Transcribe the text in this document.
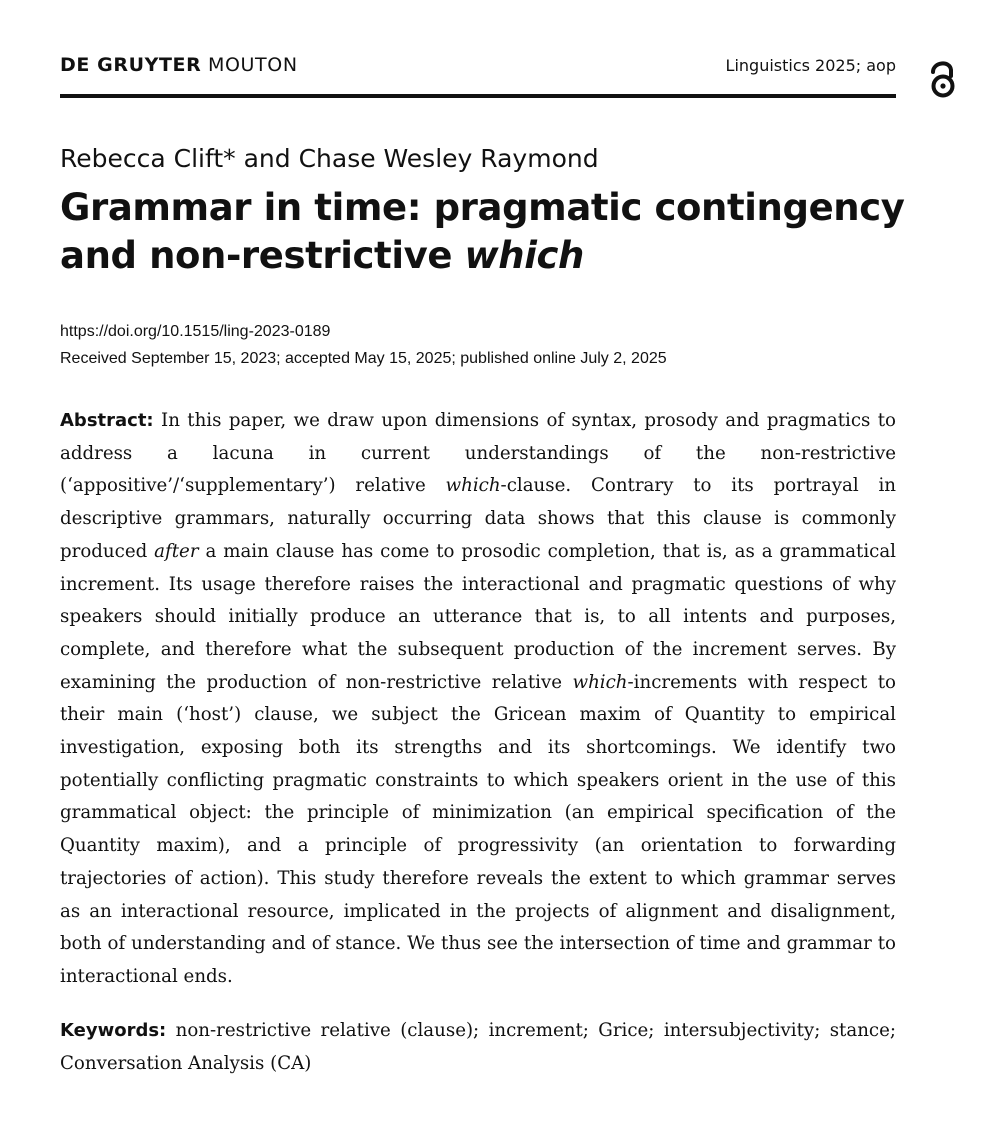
DE GRUYTER MOUTON	Linguistics 2025; aop
Rebecca Clift* and Chase Wesley Raymond
Grammar in time: pragmatic contingency
and non-restrictive which
https://doi.org/10.1515/ling-2023-0189
Received September 15, 2023; accepted May 15, 2025; published online July 2, 2025

Abstract: In this paper, we draw upon dimensions of syntax, prosody and pragmatics to address a lacuna in current understandings of the non-restrictive (‘appositive’/‘supplementary’) relative which-clause. Contrary to its portrayal in descriptive grammars, naturally occurring data shows that this clause is commonly produced after a main clause has come to prosodic completion, that is, as a grammatical increment. Its usage therefore raises the interactional and pragmatic questions of why speakers should initially produce an utterance that is, to all intents and purposes, complete, and therefore what the subsequent production of the increment serves. By examining the production of non-restrictive relative which-increments with respect to their main (‘host’) clause, we subject the Gricean maxim of Quantity to empirical investigation, exposing both its strengths and its shortcomings. We identify two potentially conflicting pragmatic constraints to which speakers orient in the use of this grammatical object: the principle of minimization (an empirical specification of the Quantity maxim), and a principle of progressivity (an orientation to forwarding trajectories of action). This study therefore reveals the extent to which grammar serves as an interactional resource, implicated in the projects of alignment and disalignment, both of understanding and of stance. We thus see the intersection of time and grammar to interactional ends.

Keywords: non-restrictive relative (clause); increment; Grice; intersubjectivity; stance; Conversation Analysis (CA)
